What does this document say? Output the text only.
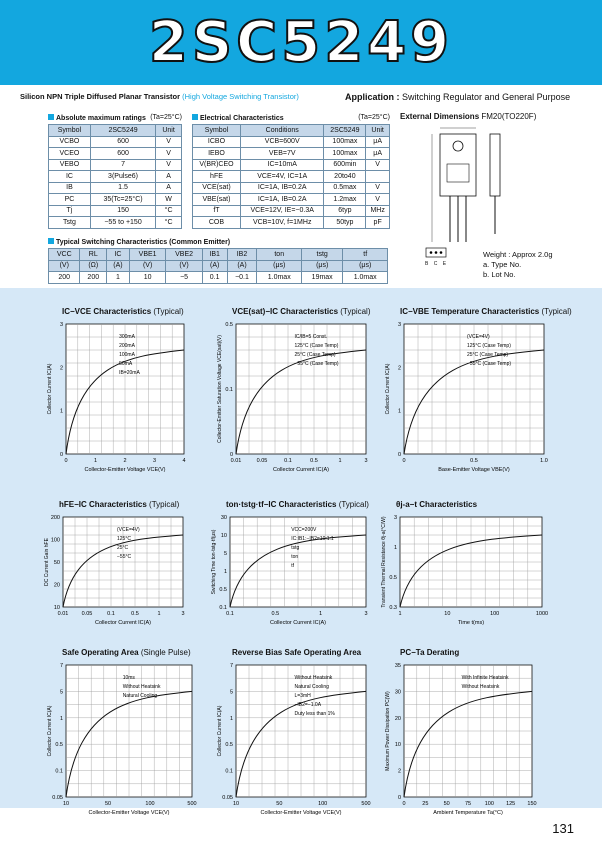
2SC5249
Silicon NPN Triple Diffused Planar Transistor (High Voltage Switching Transistor)	Application : Switching Regulator and General Purpose
Absolute maximum ratings (Ta=25°C)
Symbol	2SC5249	Unit
VCBO	600	V
VCEO	600	V
VEBO	7	V
IC	3(Pulse6)	A
IB	1.5	A
PC	35(Tc=25°C)	W
Tj	150	°C
Tstg	−55 to +150	°C
Electrical Characteristics	(Ta=25°C)
Symbol	Conditions	2SC5249	Unit
ICBO	VCB=600V	100max	μA
IEBO	VEB=7V	100max	μA
V(BR)CEO	IC=10mA	600min	V
hFE	VCE=4V, IC=1A	20to40	
VCE(sat)	IC=1A, IB=0.2A	0.5max	V
VBE(sat)	IC=1A, IB=0.2A	1.2max	V
fT	VCE=12V, IE=−0.3A	6typ	MHz
COB	VCB=10V, f=1MHz	50typ	pF
External Dimensions FM20(TO220F)
B C E
Weight : Approx 2.0g
a. Type No.
b. Lot No.
Typical Switching Characteristics (Common Emitter)
VCC	RL	IC	VBE1	VBE2	IB1	IB2	ton	tstg	tf
(V)	(Ω)	(A)	(V)	(V)	(A)	(A)	(μs)	(μs)	(μs)
200	200	1	10	−5	0.1	−0.1	1.0max	19max	1.0max
IC−VCE Characteristics (Typical)
0	1	2	3	4
0
1
2
3
Collector-Emitter Voltage VCE(V)
Collector Current IC(A)
300mA
200mA
100mA
50mA
IB=20mA
VCE(sat)−IC Characteristics (Typical)
0.01	0.05	0.1	0.5	1	3
0
0.1
0.5
Collector Current IC(A)
Collector-Emitter Saturation Voltage VCE(sat)(V)	IC/IB=5 Const.
125°C (Case Temp)
25°C (Case Temp)
−55°C (Case Temp)
IC−VBE Temperature Characteristics (Typical)
0	0.5	1.0
0
1
2
3
Base-Emitter Voltage VBE(V)
Collector Current IC(A)
(VCE=4V)
125°C (Case Temp)
25°C (Case Temp)
−55°C (Case Temp)
hFE−IC Characteristics (Typical)
0.01 0.05	0.1	0.5	1	3
10
20
50
100
200
Collector Current IC(A)
DC Current Gain hFE
(VCE=4V)
125°C
25°C
−55°C
ton·tstg·tf−IC Characteristics (Typical)
0.1	0.5	1	3
0.1
0.5
1
5
10
30
Collector Current IC(A)
Switching Time ton·tstg·tf(μs)	VCC=200V
IC:IB1:−IB2=10:1:1
tstg
ton
tf
θj-a−t Characteristics
1	10	100	1000
0.3
0.5
1
3
Time t(ms)
Transient Thermal Resistance θj-a(°C/W)
Safe Operating Area (Single Pulse)
10	50	100	500
0.05
0.1
0.5
1
5
7
Collector-Emitter Voltage VCE(V)
Collector Current IC(A)
10ms
Without Heatsink
Natural Cooling
Reverse Bias Safe Operating Area
10	50	100	500
0.05
0.1
0.5
1
5
7
Collector-Emitter Voltage VCE(V)
Collector Current IC(A)
Without Heatsink
Natural Cooling
L=3mH
−IB2=−1.0A
Duty less than 1%
PC−Ta Derating
0	25	50	75 100 125 150
0
2
10
20
30
35
Ambient Temperature Ta(°C)
Maximum Power Dissipation PC(W)
With Infinite Heatsink
Without Heatsink
131
